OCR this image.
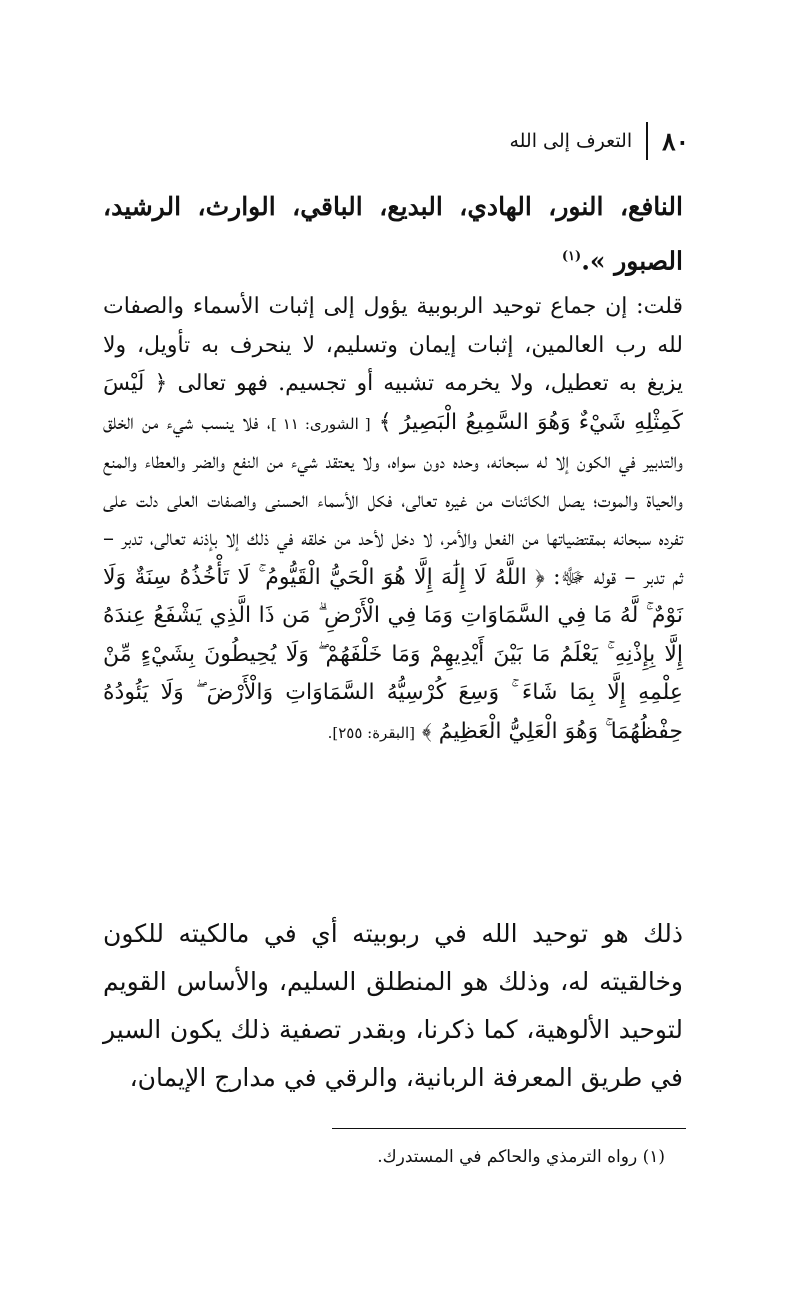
٨٠
التعرف إلى الله

النافع، النور، الهادي، البديع، الباقي، الوارث، الرشيد، الصبور ».$^{(١)}$

قلت: إن جماع توحيد الربوبية يؤول إلى إثبات الأسماء والصفات لله رب العالمين، إثبات إيمان وتسليم، لا ينحرف به تأويل، ولا يزيغ به تعطيل، ولا يخرمه تشبيه أو تجسيم. فهو تعالى ﴿ لَيْسَ كَمِثْلِهِ شَيْءٌ وَهُوَ السَّمِيعُ الْبَصِيرُ ﴾ [ الشورى: ١١ ]، فلا ينسب شيء من الخلق والتدبير في الكون إلا له سبحانه، وحده دون سواه، ولا يعتقد شيء من النفع والضر والعطاء والمنع والحياة والموت؛ يصل الكائنات من غيره تعالى، فكل الأسماء الحسنى والصفات العلى دلت على تفرده سبحانه بمقتضياتها من الفعل والأمر، لا دخل لأحد من خلقه في ذلك إلا بإذنه تعالى، تدبر – ثم تدبر – قوله ﷻ: ﴿ اللَّهُ لَا إِلَٰهَ إِلَّا هُوَ الْحَيُّ الْقَيُّومُ ۚ لَا تَأْخُذُهُ سِنَةٌ وَلَا نَوْمٌ ۚ لَّهُ مَا فِي السَّمَاوَاتِ وَمَا فِي الْأَرْضِ ۗ مَن ذَا الَّذِي يَشْفَعُ عِندَهُ إِلَّا بِإِذْنِهِ ۚ يَعْلَمُ مَا بَيْنَ أَيْدِيهِمْ وَمَا خَلْفَهُمْ ۖ وَلَا يُحِيطُونَ بِشَيْءٍ مِّنْ عِلْمِهِ إِلَّا بِمَا شَاءَ ۚ وَسِعَ كُرْسِيُّهُ السَّمَاوَاتِ وَالْأَرْضَ ۖ وَلَا يَئُودُهُ حِفْظُهُمَا ۚ وَهُوَ الْعَلِيُّ الْعَظِيمُ ﴾ [البقرة: ٢٥٥].

ذلك هو توحيد الله في ربوبيته أي في مالكيته للكون وخالقيته له، وذلك هو المنطلق السليم، والأساس القويم لتوحيد الألوهية، كما ذكرنا، وبقدر تصفية ذلك يكون السير في طريق المعرفة الربانية، والرقي في مدارج الإيمان،

(١) رواه الترمذي والحاكم في المستدرك.
